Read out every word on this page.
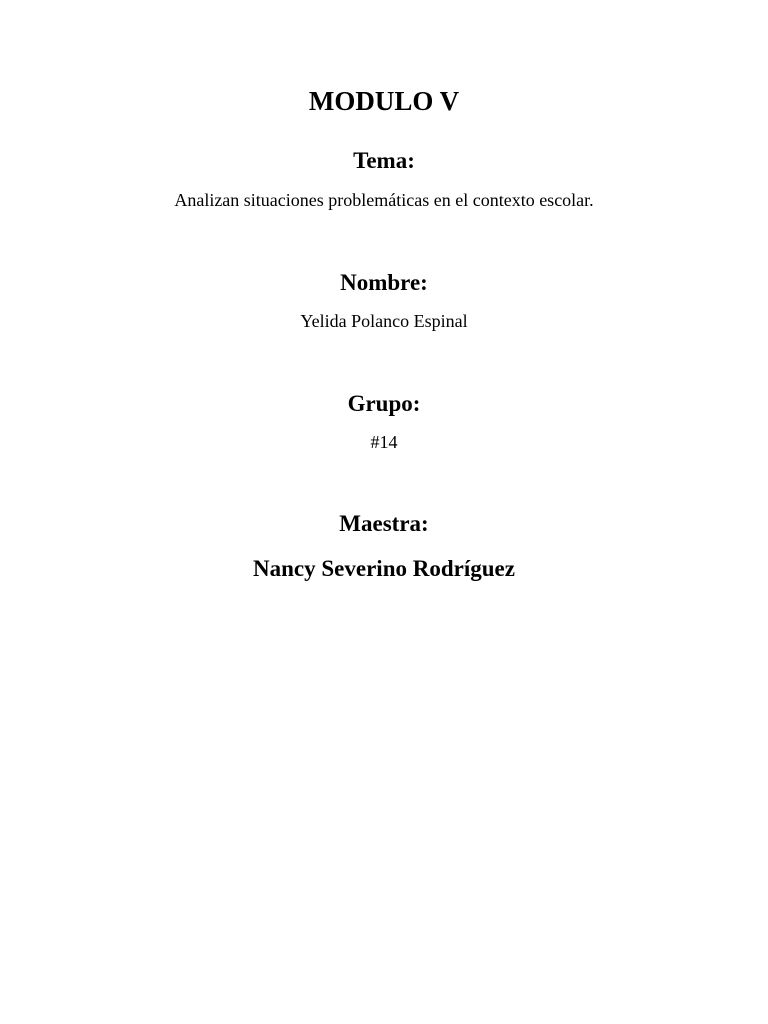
MODULO V
Tema:

Analizan situaciones problemáticas en el contexto escolar.

Nombre:

Yelida Polanco Espinal

Grupo:

#14

Maestra:

Nancy Severino Rodríguez
